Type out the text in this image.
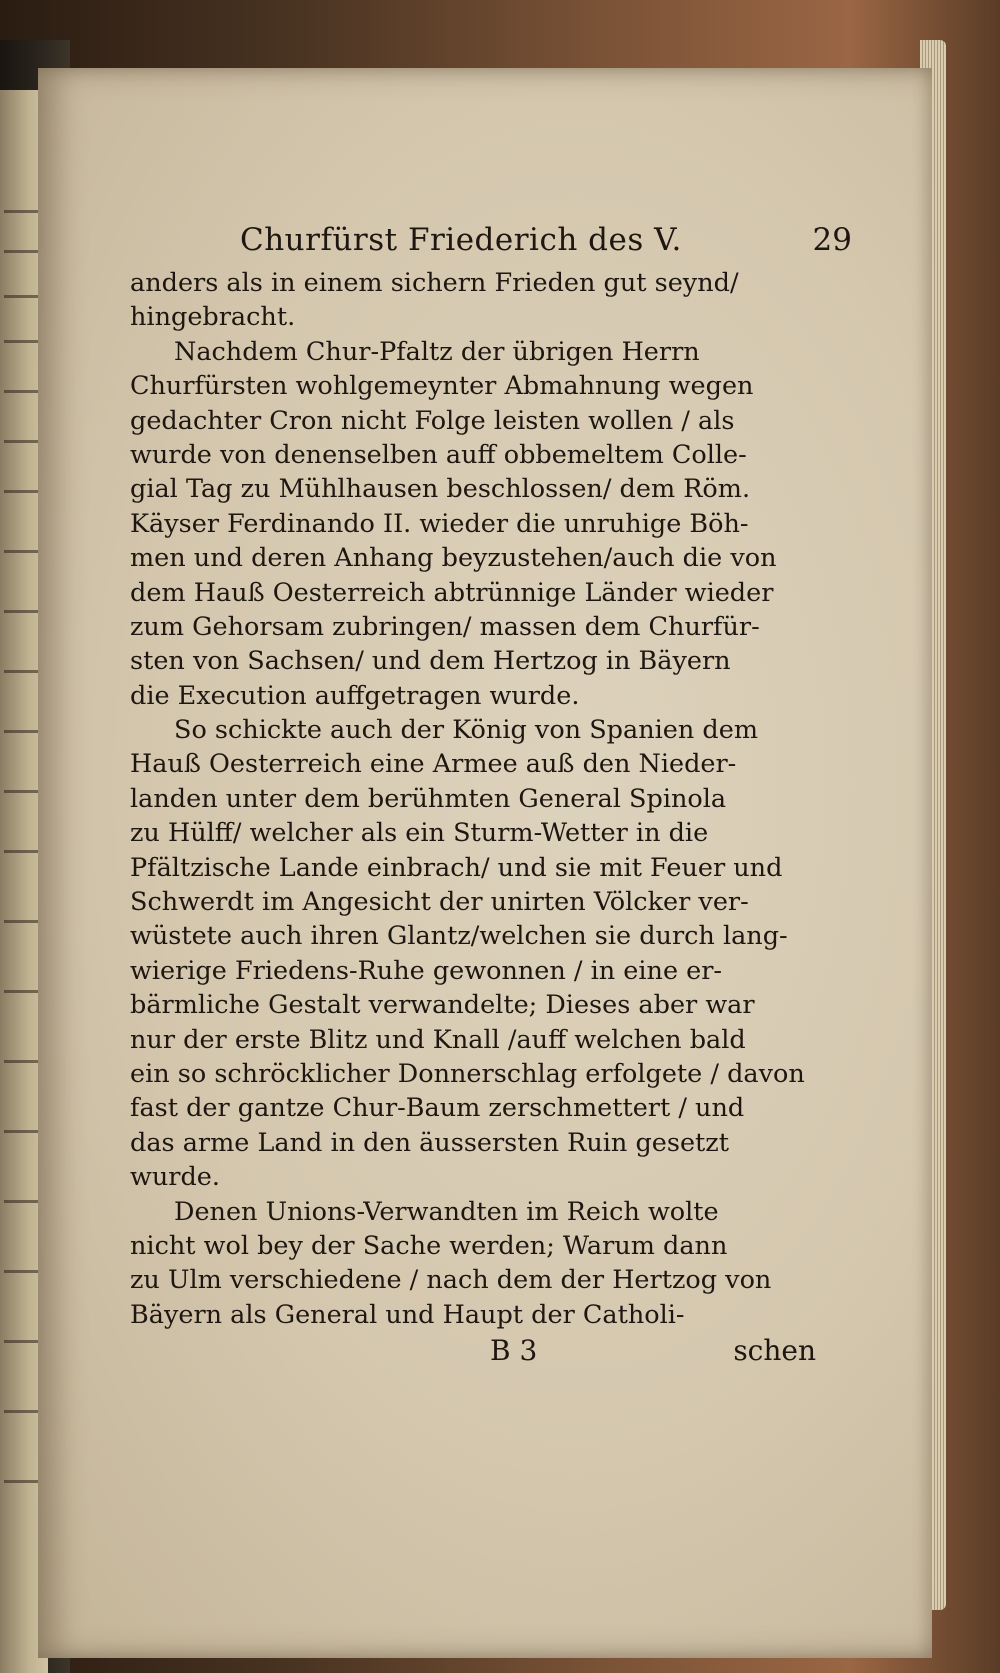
Churfürst Friederich des V.	29
anders als in einem sichern Frieden gut seynd/
hingebracht.
Nachdem Chur-Pfaltz der übrigen Herrn
Churfürsten wohlgemeynter Abmahnung wegen
gedachter Cron nicht Folge leisten wollen / als
wurde von denenselben auff obbemeltem Colle-
gial Tag zu Mühlhausen beschlossen/ dem Röm.
Käyser Ferdinando II. wieder die unruhige Böh-
men und deren Anhang beyzustehen/auch die von
dem Hauß Oesterreich abtrünnige Länder wieder
zum Gehorsam zubringen/ massen dem Churfür-
sten von Sachsen/ und dem Hertzog in Bäyern
die Execution auffgetragen wurde.
So schickte auch der König von Spanien dem
Hauß Oesterreich eine Armee auß den Nieder-
landen unter dem berühmten General Spinola
zu Hülff/ welcher als ein Sturm-Wetter in die
Pfältzische Lande einbrach/ und sie mit Feuer und
Schwerdt im Angesicht der unirten Völcker ver-
wüstete auch ihren Glantz/welchen sie durch lang-
wierige Friedens-Ruhe gewonnen / in eine er-
bärmliche Gestalt verwandelte; Dieses aber war
nur der erste Blitz und Knall /auff welchen bald
ein so schröcklicher Donnerschlag erfolgete / davon
fast der gantze Chur-Baum zerschmettert / und
das arme Land in den äussersten Ruin gesetzt
wurde.
Denen Unions-Verwandten im Reich wolte
nicht wol bey der Sache werden; Warum dann
zu Ulm verschiedene / nach dem der Hertzog von
Bäyern als General und Haupt der Catholi-
B 3	schen
